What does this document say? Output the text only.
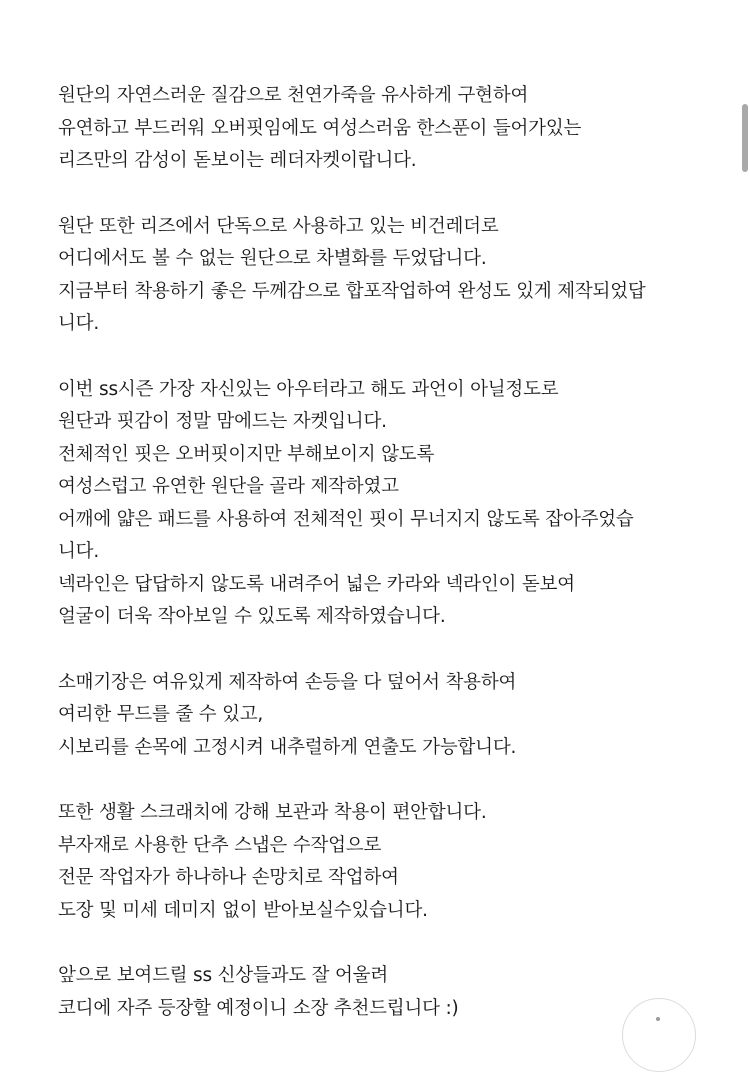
원단의 자연스러운 질감으로 천연가죽을 유사하게 구현하여
유연하고 부드러워 오버핏임에도 여성스러움 한스푼이 들어가있는
리즈만의 감성이 돋보이는 레더자켓이랍니다.
원단 또한 리즈에서 단독으로 사용하고 있는 비건레더로
어디에서도 볼 수 없는 원단으로 차별화를 두었답니다.
지금부터 착용하기 좋은 두께감으로 합포작업하여 완성도 있게 제작되었답
니다.
이번 ss시즌 가장 자신있는 아우터라고 해도 과언이 아닐정도로
원단과 핏감이 정말 맘에드는 자켓입니다.
전체적인 핏은 오버핏이지만 부해보이지 않도록
여성스럽고 유연한 원단을 골라 제작하였고
어깨에 얇은 패드를 사용하여 전체적인 핏이 무너지지 않도록 잡아주었습
니다.
넥라인은 답답하지 않도록 내려주어 넓은 카라와 넥라인이 돋보여
얼굴이 더욱 작아보일 수 있도록 제작하였습니다.
소매기장은 여유있게 제작하여 손등을 다 덮어서 착용하여
여리한 무드를 줄 수 있고,
시보리를 손목에 고정시켜 내추럴하게 연출도 가능합니다.
또한 생활 스크래치에 강해 보관과 착용이 편안합니다.
부자재로 사용한 단추 스냅은 수작업으로
전문 작업자가 하나하나 손망치로 작업하여
도장 및 미세 데미지 없이 받아보실수있습니다.
앞으로 보여드릴 ss 신상들과도 잘 어울려
코디에 자주 등장할 예정이니 소장 추천드립니다 :)
